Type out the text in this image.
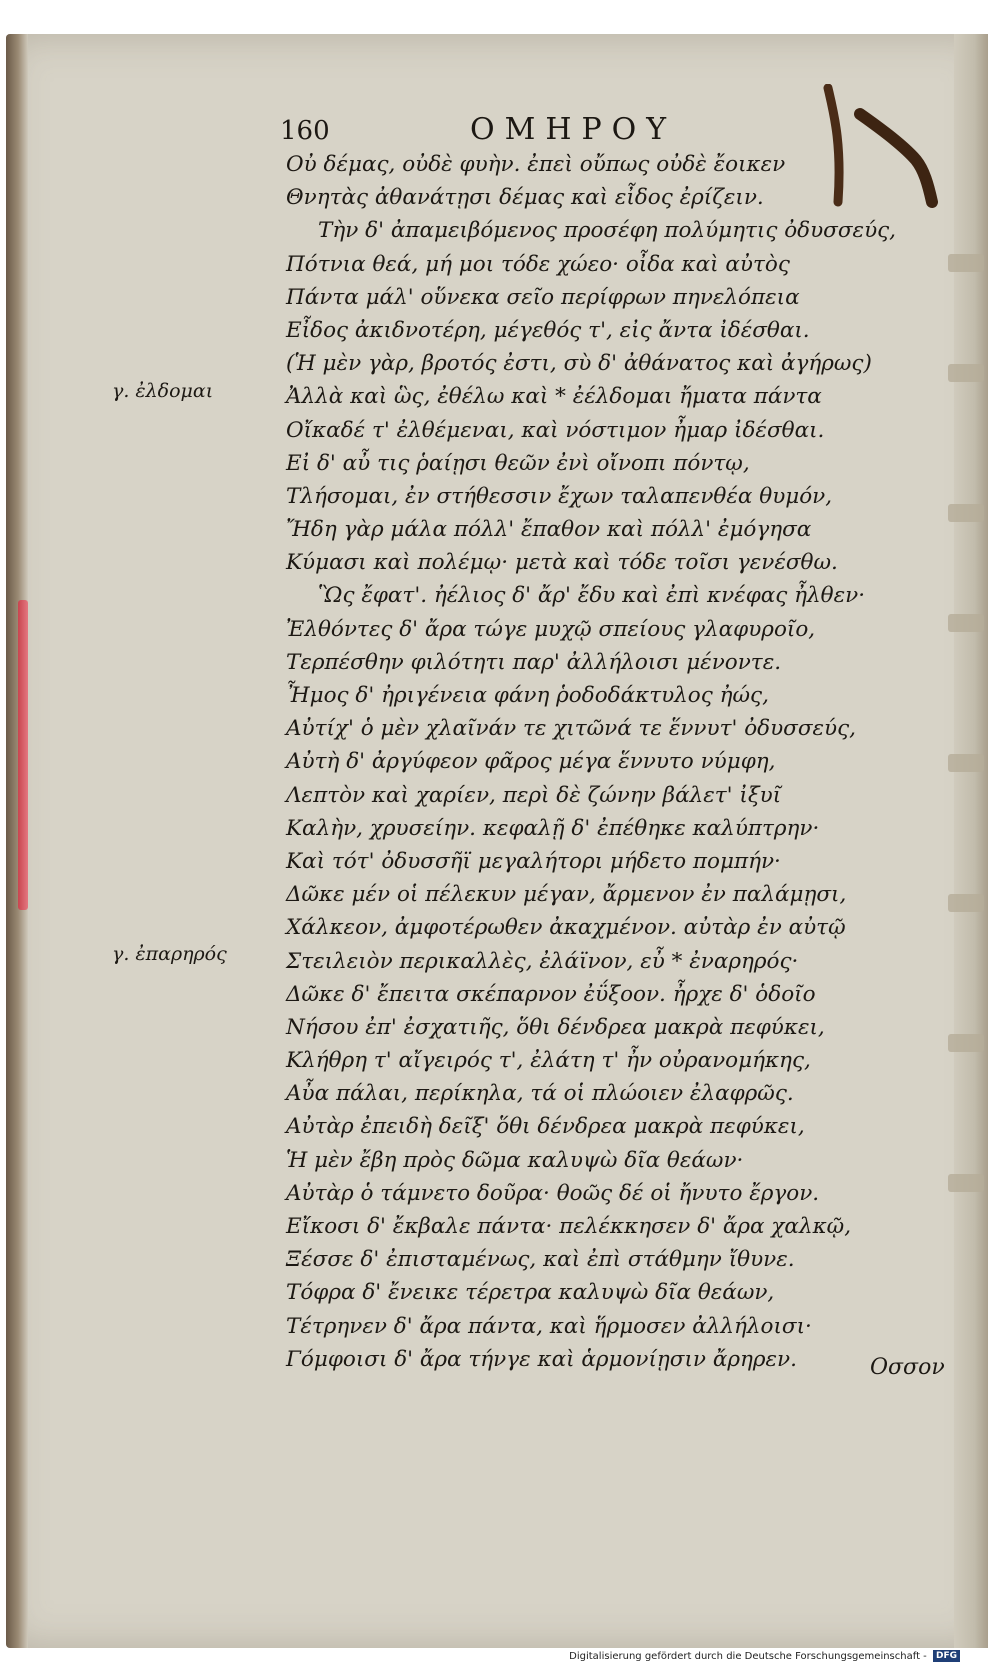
160	ΟΜΗΡΟΥ
γ. ἐλδομαι
γ. ἐπαρηρός
Οὐ δέμας, οὐδὲ φυὴν. ἐπεὶ οὔπως οὐδὲ ἔοικεν
Θνητὰς ἀθανάτῃσι δέμας καὶ εἶδος ἐρίζειν.
Τὴν δ' ἀπαμειβόμενος προσέφη πολύμητις ὀδυσσεύς,
Πότνια θεά, μή μοι τόδε χώεο· οἶδα καὶ αὐτὸς
Πάντα μάλ' οὕνεκα σεῖο περίφρων πηνελόπεια
Εἶδος ἀκιδνοτέρη, μέγεθός τ', εἰς ἄντα ἰδέσθαι.
(Ἡ μὲν γὰρ, βροτός ἐστι, σὺ δ' ἀθάνατος καὶ ἀγήρως)
Ἀλλὰ καὶ ὣς, ἐθέλω καὶ * ἐέλδομαι ἤματα πάντα
Οἴκαδέ τ' ἐλθέμεναι, καὶ νόστιμον ἦμαρ ἰδέσθαι.
Εἰ δ' αὖ τις ῥαίῃσι θεῶν ἐνὶ οἴνοπι πόντῳ,
Τλήσομαι, ἐν στήθεσσιν ἔχων ταλαπενθέα θυμόν,
Ἤδη γὰρ μάλα πόλλ' ἔπαθον καὶ πόλλ' ἐμόγησα
Κύμασι καὶ πολέμῳ· μετὰ καὶ τόδε τοῖσι γενέσθω.
Ὣς ἔφατ'. ἠέλιος δ' ἄρ' ἔδυ καὶ ἐπὶ κνέφας ἦλθεν·
Ἐλθόντες δ' ἄρα τώγε μυχῷ σπείους γλαφυροῖο,
Τερπέσθην φιλότητι παρ' ἀλλήλοισι μένοντε.
Ἦμος δ' ἠριγένεια φάνη ῥοδοδάκτυλος ἠώς,
Αὐτίχ' ὁ μὲν χλαῖνάν τε χιτῶνά τε ἕννυτ' ὀδυσσεύς,
Αὐτὴ δ' ἀργύφεον φᾶρος μέγα ἕννυτο νύμφη,
Λεπτὸν καὶ χαρίεν, περὶ δὲ ζώνην βάλετ' ἰξυῖ
Καλὴν, χρυσείην. κεφαλῇ δ' ἐπέθηκε καλύπτρην·
Καὶ τότ' ὀδυσσῆϊ μεγαλήτορι μήδετο πομπήν·
Δῶκε μέν οἱ πέλεκυν μέγαν, ἄρμενον ἐν παλάμῃσι,
Χάλκεον, ἀμφοτέρωθεν ἀκαχμένον. αὐτὰρ ἐν αὐτῷ
Στειλειὸν περικαλλὲς, ἐλάϊνον, εὖ * ἐναρηρός·
Δῶκε δ' ἔπειτα σκέπαρνον ἐΰξοον. ἦρχε δ' ὁδοῖο
Νήσου ἐπ' ἐσχατιῆς, ὅθι δένδρεα μακρὰ πεφύκει,
Κλήθρη τ' αἴγειρός τ', ἐλάτη τ' ἦν οὐρανομήκης,
Αὖα πάλαι, περίκηλα, τά οἱ πλώοιεν ἐλαφρῶς.
Αὐτὰρ ἐπειδὴ δεῖξ' ὅθι δένδρεα μακρὰ πεφύκει,
Ἡ μὲν ἔβη πρὸς δῶμα καλυψὼ δῖα θεάων·
Αὐτὰρ ὁ τάμνετο δοῦρα· θοῶς δέ οἱ ἤνυτο ἔργον.
Εἴκοσι δ' ἔκβαλε πάντα· πελέκκησεν δ' ἄρα χαλκῷ,
Ξέσσε δ' ἐπισταμένως, καὶ ἐπὶ στάθμην ἴθυνε.
Τόφρα δ' ἔνεικε τέρετρα καλυψὼ δῖα θεάων,
Τέτρηνεν δ' ἄρα πάντα, καὶ ἥρμοσεν ἀλλήλοισι·
Γόμφοισι δ' ἄρα τήνγε καὶ ἁρμονίῃσιν ἄρηρεν.	Οσσον
Digitalisierung gefördert durch die Deutsche Forschungsgemeinschaft - DFG
